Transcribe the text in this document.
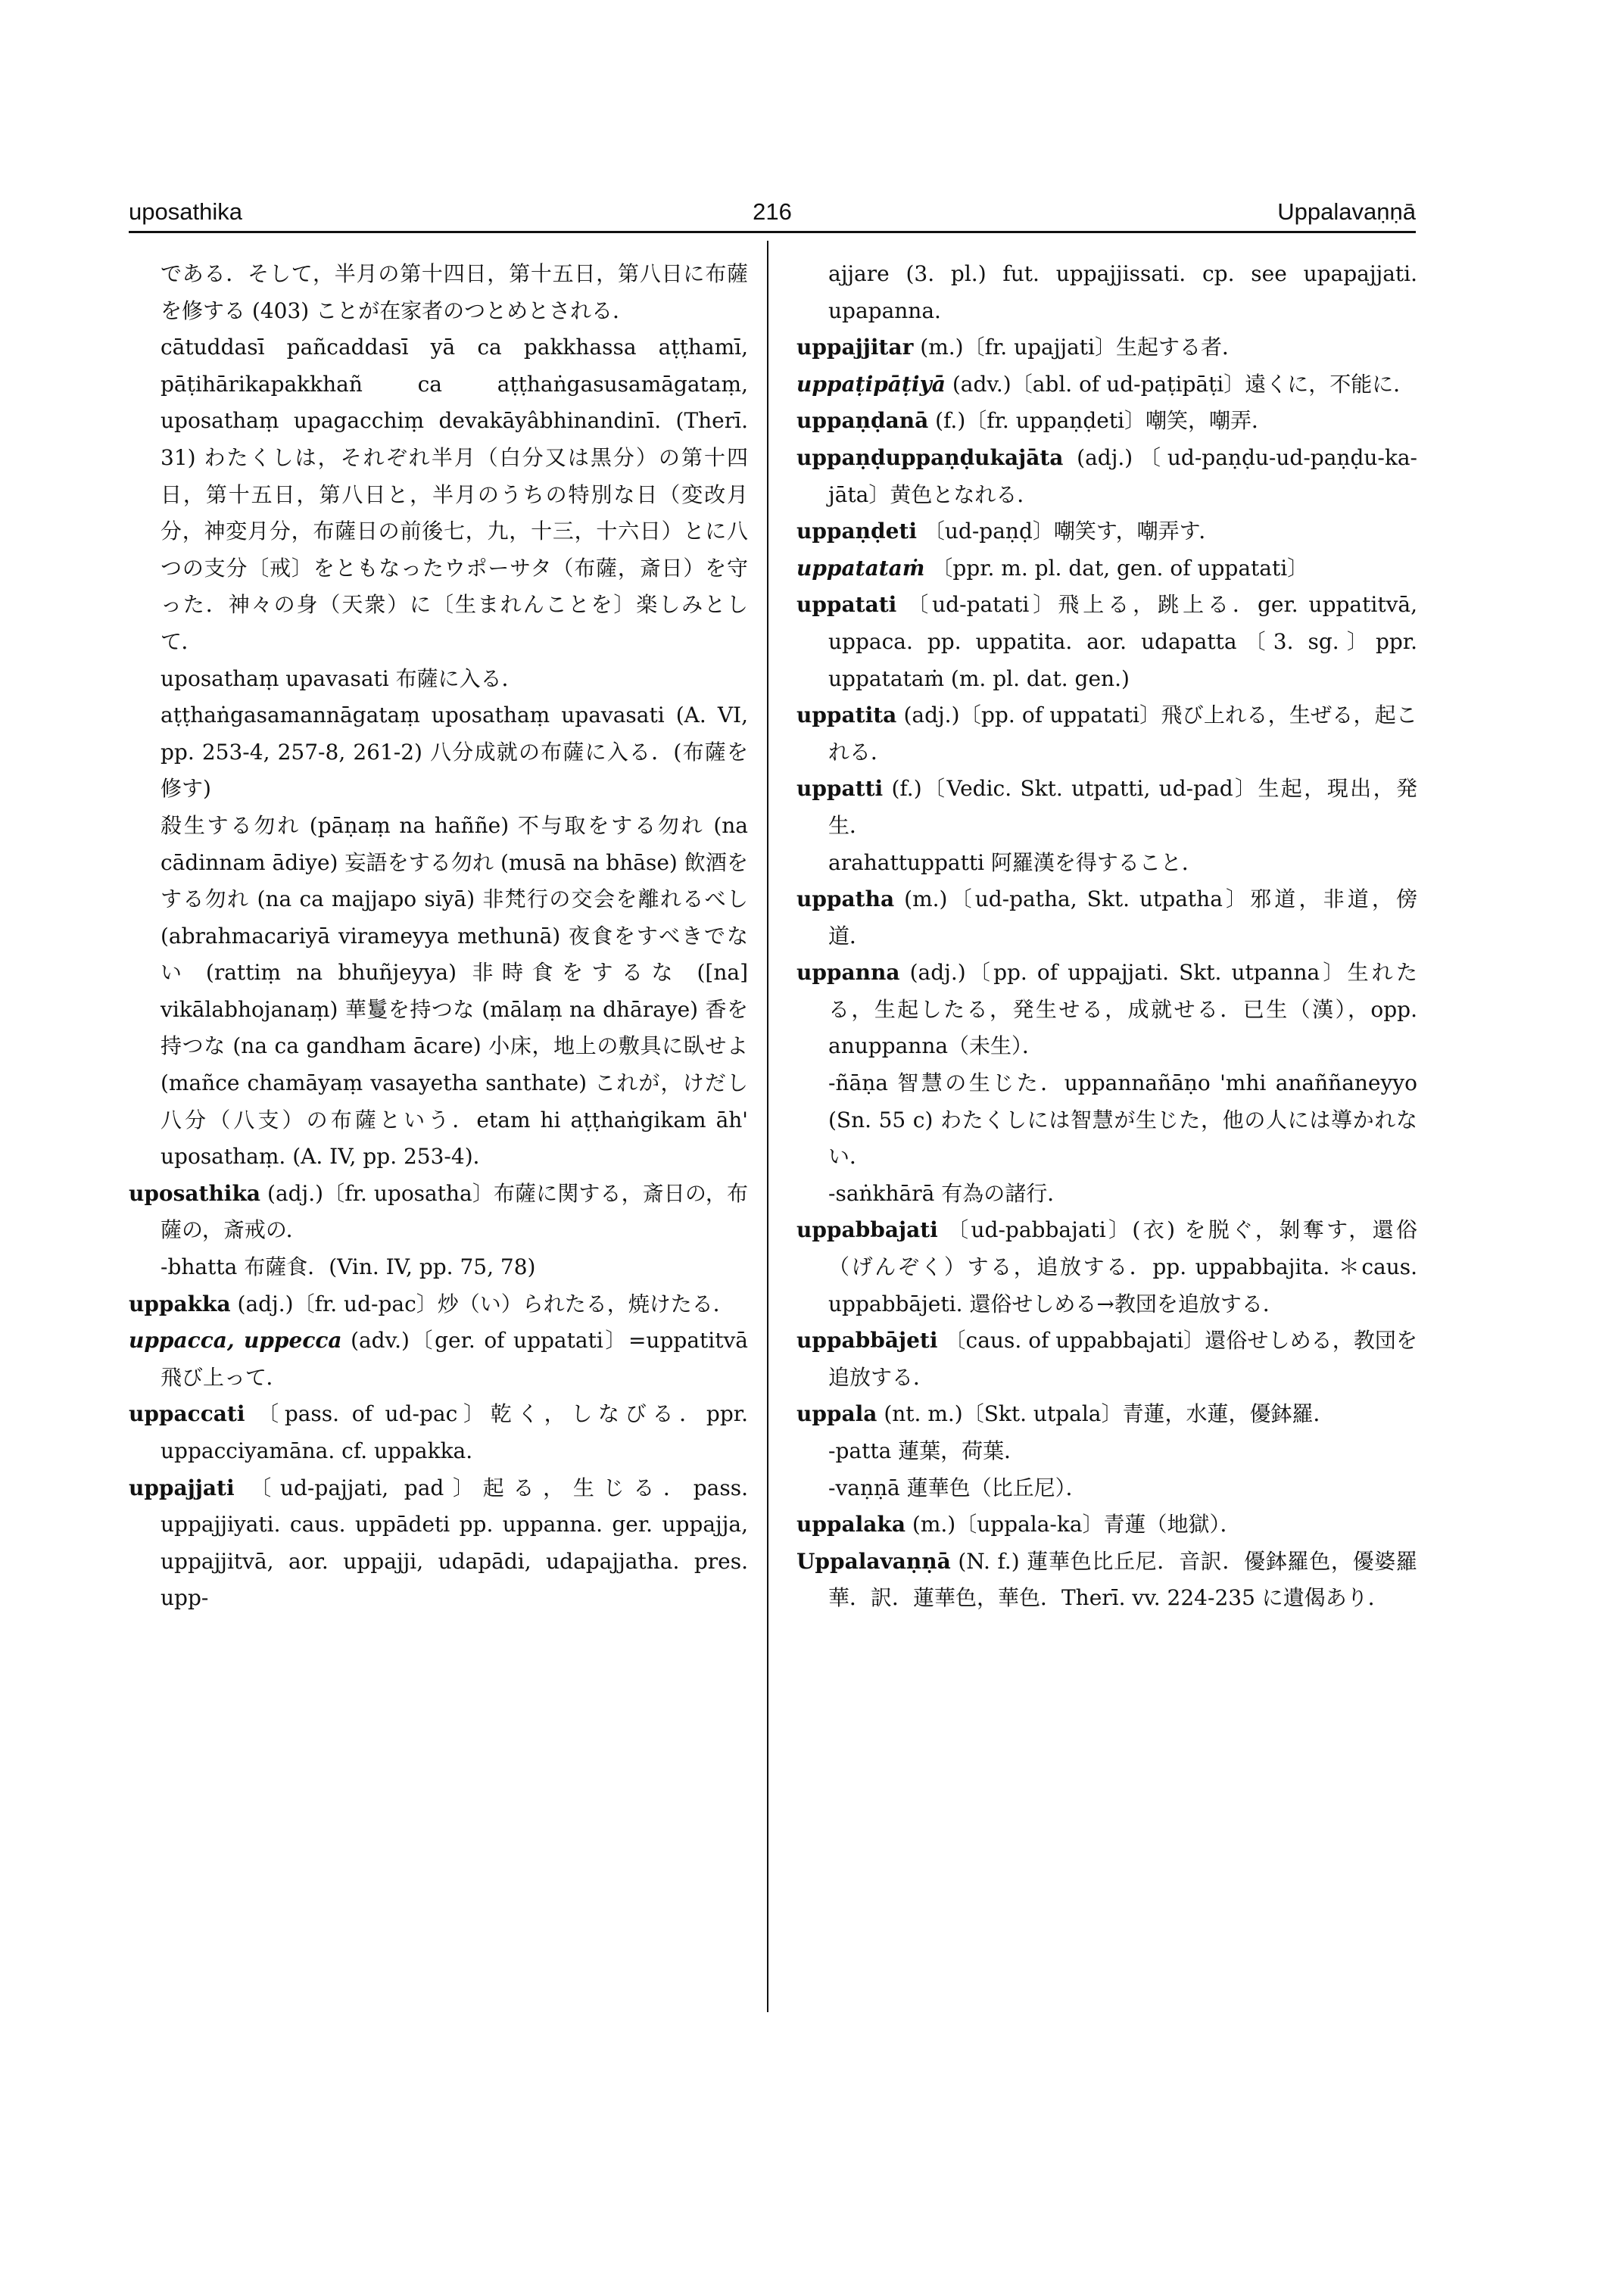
uposathika	216	Uppalavaṇṇā
である．そして，半月の第十四日，第十五日，第八日に布薩を修する (403) ことが在家者のつとめとされる．
cātuddasī pañcaddasī yā ca pakkhassa aṭṭhamī, pāṭihārikapakkhañ ca aṭṭhaṅgasusamāgataṃ, uposathaṃ upagacchiṃ devakāyâbhinandinī. (Therī. 31) わたくしは，それぞれ半月（白分又は黒分）の第十四日，第十五日，第八日と，半月のうちの特別な日（変改月分，神変月分，布薩日の前後七，九，十三，十六日）とに八つの支分〔戒〕をともなったウポーサタ（布薩，斎日）を守った．神々の身（天衆）に〔生まれんことを〕楽しみとして．
uposathaṃ upavasati 布薩に入る．
aṭṭhaṅgasamannāgataṃ uposathaṃ upavasati (A. VI, pp. 253-4, 257-8, 261-2) 八分成就の布薩に入る．(布薩を修す)
殺生する勿れ (pāṇaṃ na haññe) 不与取をする勿れ (na cādinnam ādiye) 妄語をする勿れ (musā na bhāse) 飲酒をする勿れ (na ca majjapo siyā) 非梵行の交会を離れるべし (abrahmacariyā virameyya methunā) 夜食をすべきでない (rattiṃ na bhuñjeyya) 非時食をするな ([na] vikālabhojanaṃ) 華鬘を持つな (mālaṃ na dhāraye) 香を持つな (na ca gandham ācare) 小床，地上の敷具に臥せよ (mañce chamāyaṃ vasayetha santhate) これが，けだし八分（八支）の布薩という．etam hi aṭṭhaṅgikam āh' uposathaṃ. (A. IV, pp. 253-4)．
uposathika (adj.)〔fr. uposatha〕布薩に関する，斎日の，布薩の，斎戒の．
-bhatta 布薩食．(Vin. IV, pp. 75, 78)
uppakka (adj.)〔fr. ud-pac〕炒（い）られたる，焼けたる．
uppacca, uppecca (adv.)〔ger. of uppatati〕=uppatitvā 飛び上って．
uppaccati 〔pass. of ud-pac〕乾く，しなびる．ppr. uppacciyamāna. cf. uppakka.
uppajjati 〔ud-pajjati, pad〕起る，生じる．pass. uppajjiyati. caus. uppādeti pp. uppanna. ger. uppajja, uppajjitvā, aor. uppajji, udapādi, udapajjatha. pres. upp-
ajjare (3. pl.) fut. uppajjissati. cp. see upapajjati. upapanna.
uppajjitar (m.)〔fr. upajjati〕生起する者．
uppaṭipāṭiyā (adv.)〔abl. of ud-paṭipāṭi〕遠くに，不能に．
uppaṇḍanā (f.)〔fr. uppaṇḍeti〕嘲笑，嘲弄．
uppaṇḍuppaṇḍukajāta (adj.)〔ud-paṇḍu-ud-paṇḍu-ka-jāta〕黄色となれる．
uppaṇḍeti 〔ud-paṇḍ〕嘲笑す，嘲弄す．
uppatataṁ 〔ppr. m. pl. dat, gen. of uppatati〕
uppatati 〔ud-patati〕飛上る，跳上る．ger. uppatitvā, uppaca. pp. uppatita. aor. udapatta〔3. sg.〕ppr. uppatataṁ (m. pl. dat. gen.)
uppatita (adj.)〔pp. of uppatati〕飛び上れる，生ぜる，起これる．
uppatti (f.)〔Vedic. Skt. utpatti, ud-pad〕生起，現出，発生．
arahattuppatti 阿羅漢を得すること．
uppatha (m.)〔ud-patha, Skt. utpatha〕邪道，非道，傍道．
uppanna (adj.)〔pp. of uppajjati. Skt. utpanna〕生れたる，生起したる，発生せる，成就せる．已生（漢），opp. anuppanna（未生）．
-ñāṇa 智慧の生じた．uppannañāṇo 'mhi anaññaneyyo (Sn. 55 c) わたくしには智慧が生じた，他の人には導かれない．
-saṅkhārā 有為の諸行．
uppabbajati 〔ud-pabbajati〕(衣) を脱ぐ，剝奪す，還俗（げんぞく）する，追放する．pp. uppabbajita. ＊caus. uppabbājeti. 還俗せしめる→教団を追放する．
uppabbājeti 〔caus. of uppabbajati〕還俗せしめる，教団を追放する．
uppala (nt. m.)〔Skt. utpala〕青蓮，水蓮，優鉢羅．
-patta 蓮葉，荷葉．
-vaṇṇā 蓮華色（比丘尼）．
uppalaka (m.)〔uppala-ka〕青蓮（地獄）．
Uppalavaṇṇā (N. f.) 蓮華色比丘尼．音訳．優鉢羅色，優婆羅華．訳．蓮華色，華色．Therī. vv. 224-235 に遺偈あり．
